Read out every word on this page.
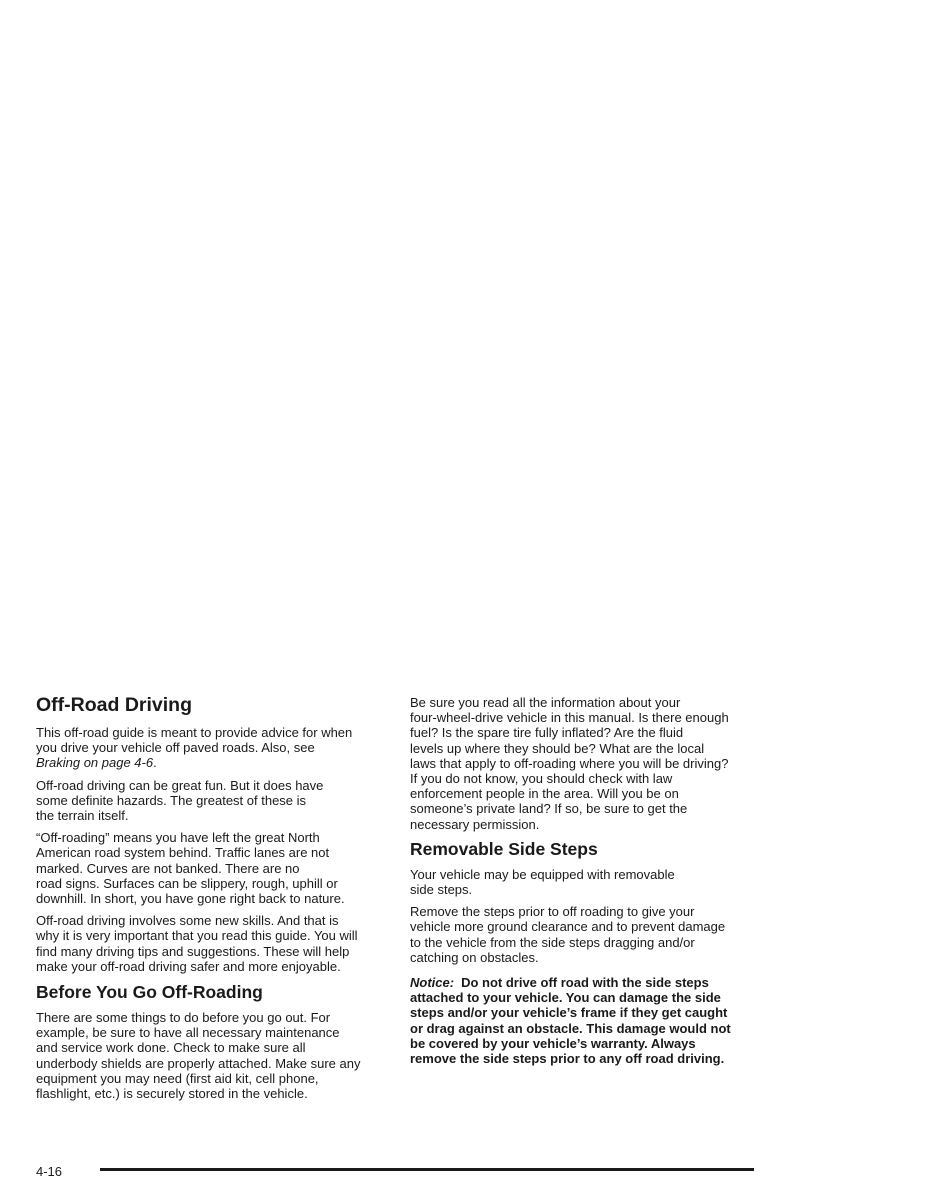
Off-Road Driving

This off-road guide is meant to provide advice for when
you drive your vehicle off paved roads. Also, see
Braking on page 4-6.

Off-road driving can be great fun. But it does have
some definite hazards. The greatest of these is
the terrain itself.

“Off-roading” means you have left the great North
American road system behind. Traffic lanes are not
marked. Curves are not banked. There are no
road signs. Surfaces can be slippery, rough, uphill or
downhill. In short, you have gone right back to nature.

Off-road driving involves some new skills. And that is
why it is very important that you read this guide. You will
find many driving tips and suggestions. These will help
make your off-road driving safer and more enjoyable.

Before You Go Off-Roading

There are some things to do before you go out. For
example, be sure to have all necessary maintenance
and service work done. Check to make sure all
underbody shields are properly attached. Make sure any
equipment you may need (first aid kit, cell phone,
flashlight, etc.) is securely stored in the vehicle.

Be sure you read all the information about your
four-wheel-drive vehicle in this manual. Is there enough
fuel? Is the spare tire fully inflated? Are the fluid
levels up where they should be? What are the local
laws that apply to off-roading where you will be driving?
If you do not know, you should check with law
enforcement people in the area. Will you be on
someone’s private land? If so, be sure to get the
necessary permission.

Removable Side Steps

Your vehicle may be equipped with removable
side steps.

Remove the steps prior to off roading to give your
vehicle more ground clearance and to prevent damage
to the vehicle from the side steps dragging and/or
catching on obstacles.

Notice: Do not drive off road with the side steps
attached to your vehicle. You can damage the side
steps and/or your vehicle’s frame if they get caught
or drag against an obstacle. This damage would not
be covered by your vehicle’s warranty. Always
remove the side steps prior to any off road driving.

4-16
